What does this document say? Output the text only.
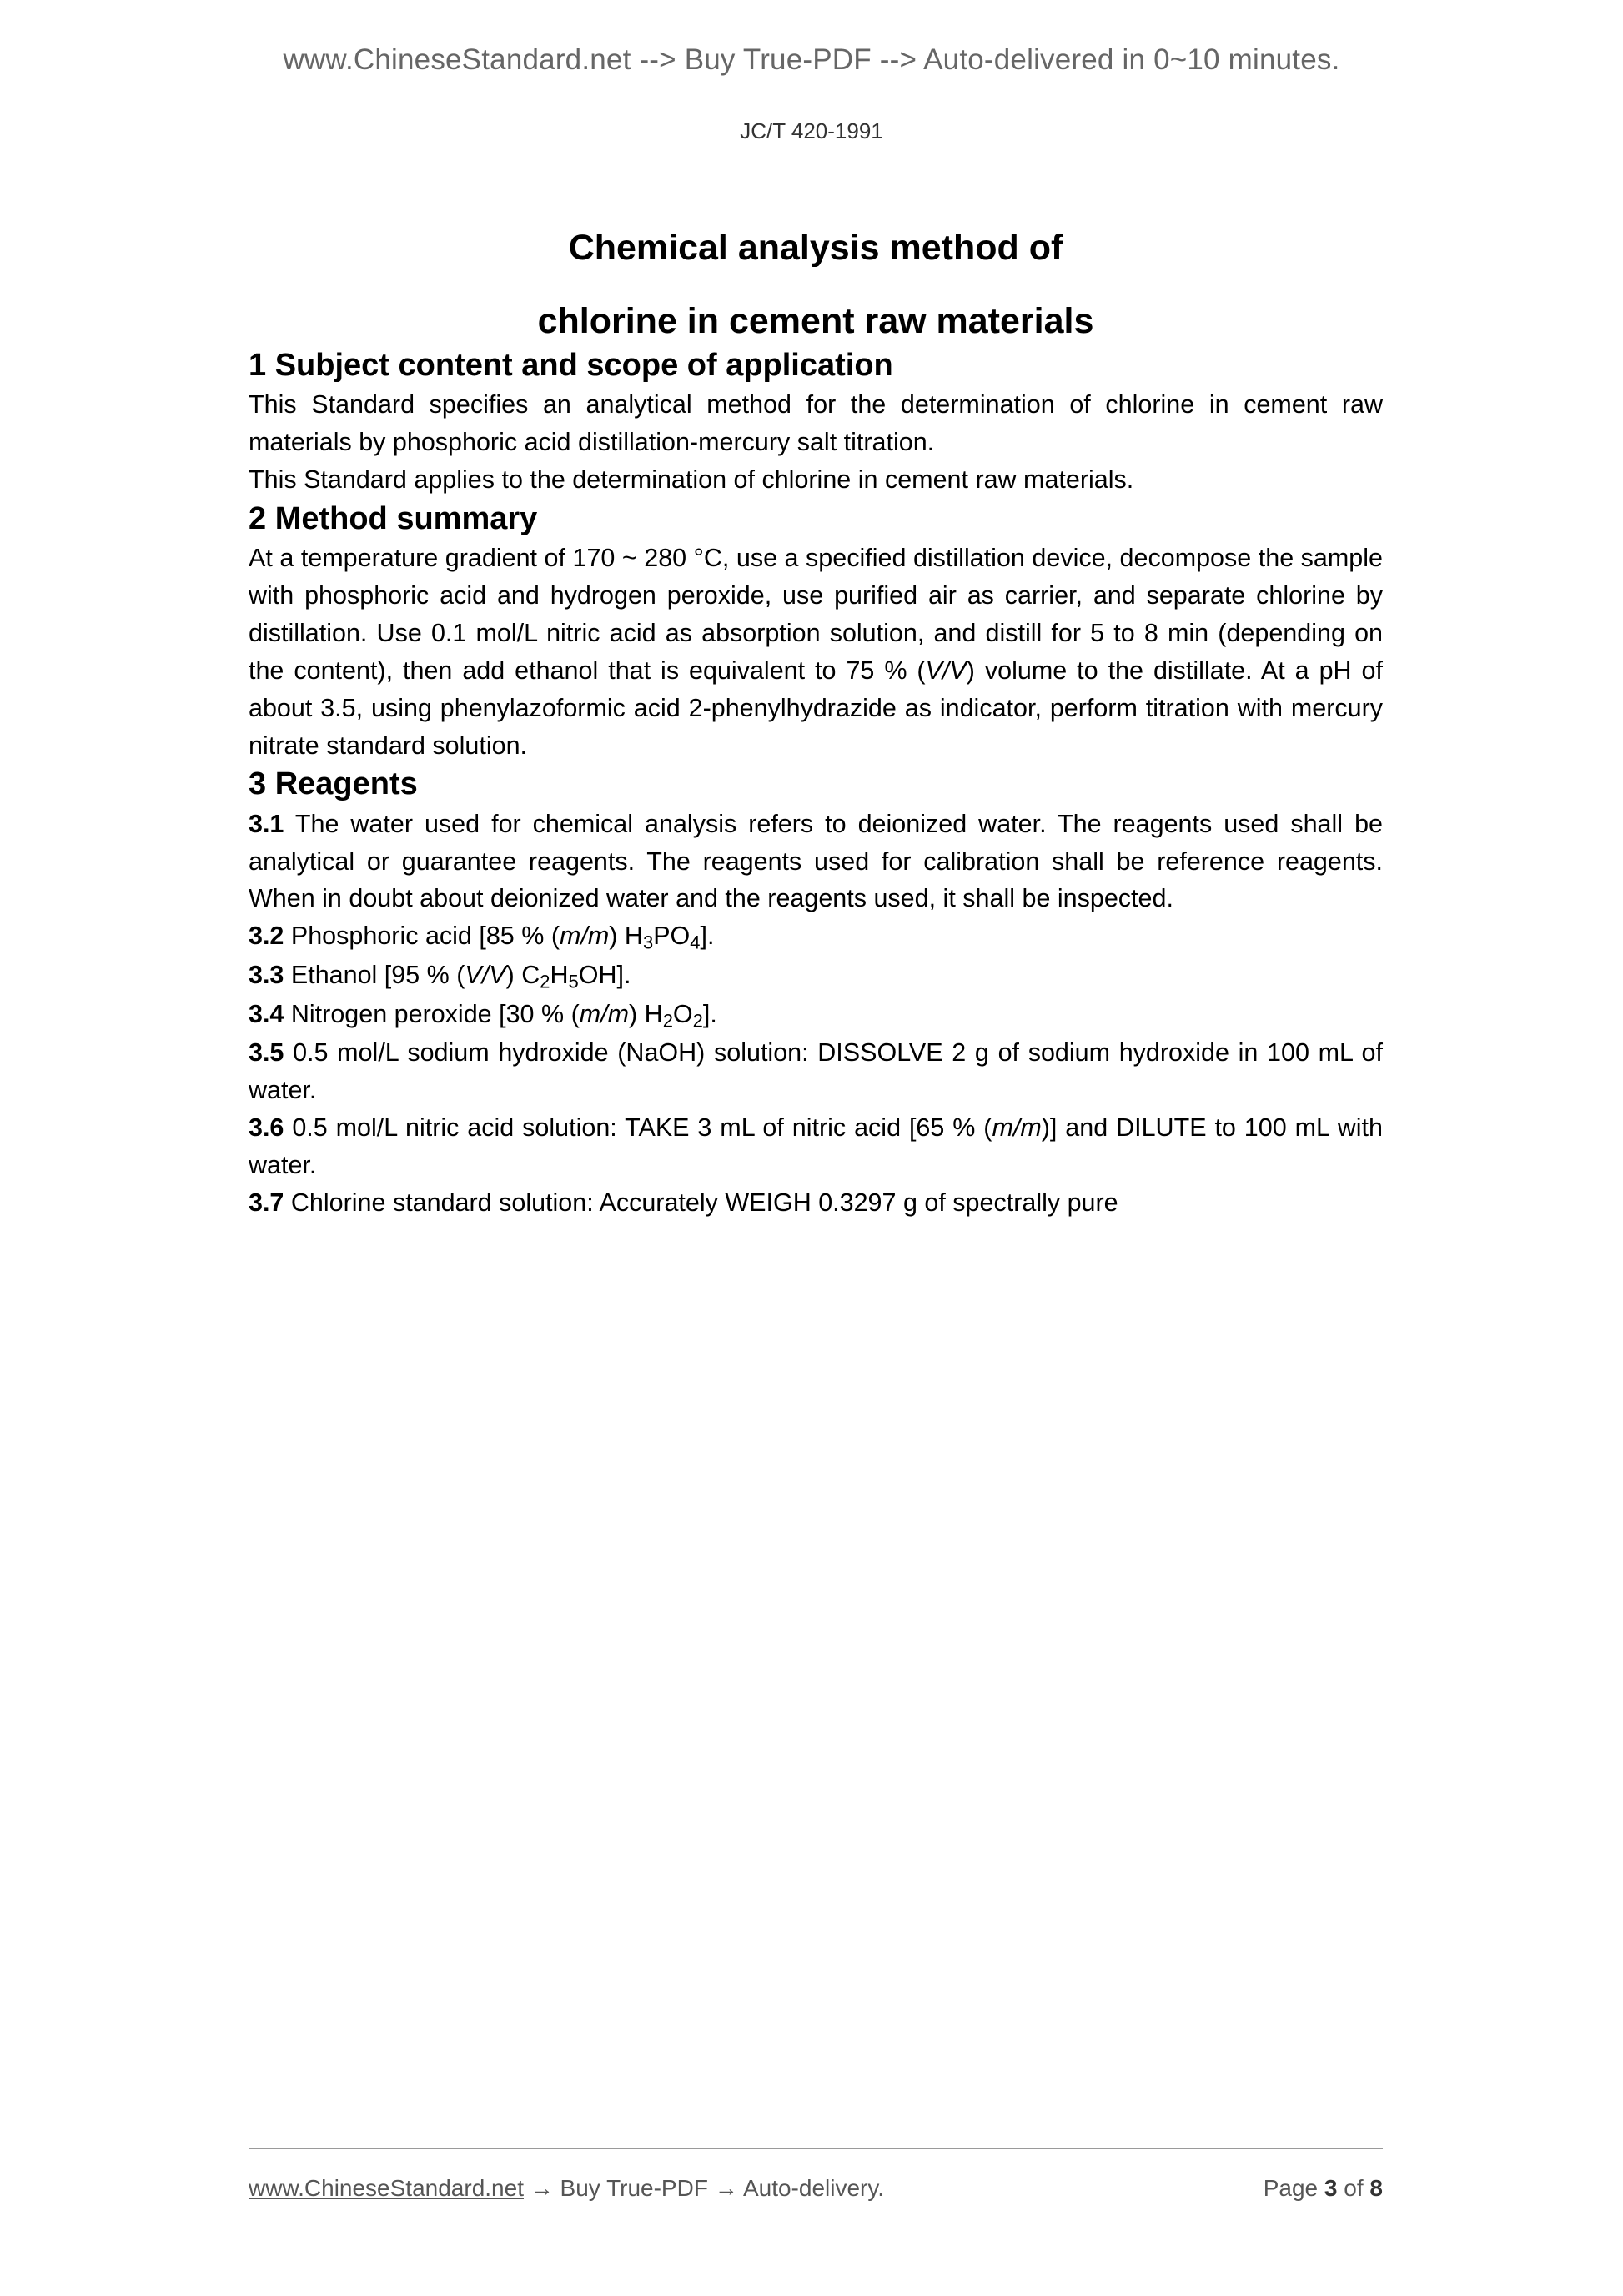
www.ChineseStandard.net --> Buy True-PDF --> Auto-delivered in 0~10 minutes.
JC/T 420-1991
Chemical analysis method of
chlorine in cement raw materials
1 Subject content and scope of application

This Standard specifies an analytical method for the determination of chlorine in cement raw materials by phosphoric acid distillation-mercury salt titration.

This Standard applies to the determination of chlorine in cement raw materials.

2 Method summary

At a temperature gradient of 170 ~ 280 °C, use a specified distillation device, decompose the sample with phosphoric acid and hydrogen peroxide, use purified air as carrier, and separate chlorine by distillation. Use 0.1 mol/L nitric acid as absorption solution, and distill for 5 to 8 min (depending on the content), then add ethanol that is equivalent to 75 % (V/V) volume to the distillate. At a pH of about 3.5, using phenylazoformic acid 2-phenylhydrazide as indicator, perform titration with mercury nitrate standard solution.

3 Reagents

3.1 The water used for chemical analysis refers to deionized water. The reagents used shall be analytical or guarantee reagents. The reagents used for calibration shall be reference reagents. When in doubt about deionized water and the reagents used, it shall be inspected.

3.2 Phosphoric acid [85 % (m/m) $H_3PO_4$].

3.3 Ethanol [95 % (V/V) $C_2H_5OH$].

3.4 Nitrogen peroxide [30 % (m/m) $H_2O_2$].

3.5 0.5 mol/L sodium hydroxide (NaOH) solution: DISSOLVE 2 g of sodium hydroxide in 100 mL of water.

3.6 0.5 mol/L nitric acid solution: TAKE 3 mL of nitric acid [65 % (m/m)] and DILUTE to 100 mL with water.

3.7 Chlorine standard solution: Accurately WEIGH 0.3297 g of spectrally pure

www.ChineseStandard.net → Buy True-PDF → Auto-delivery.	Page 3 of 8
